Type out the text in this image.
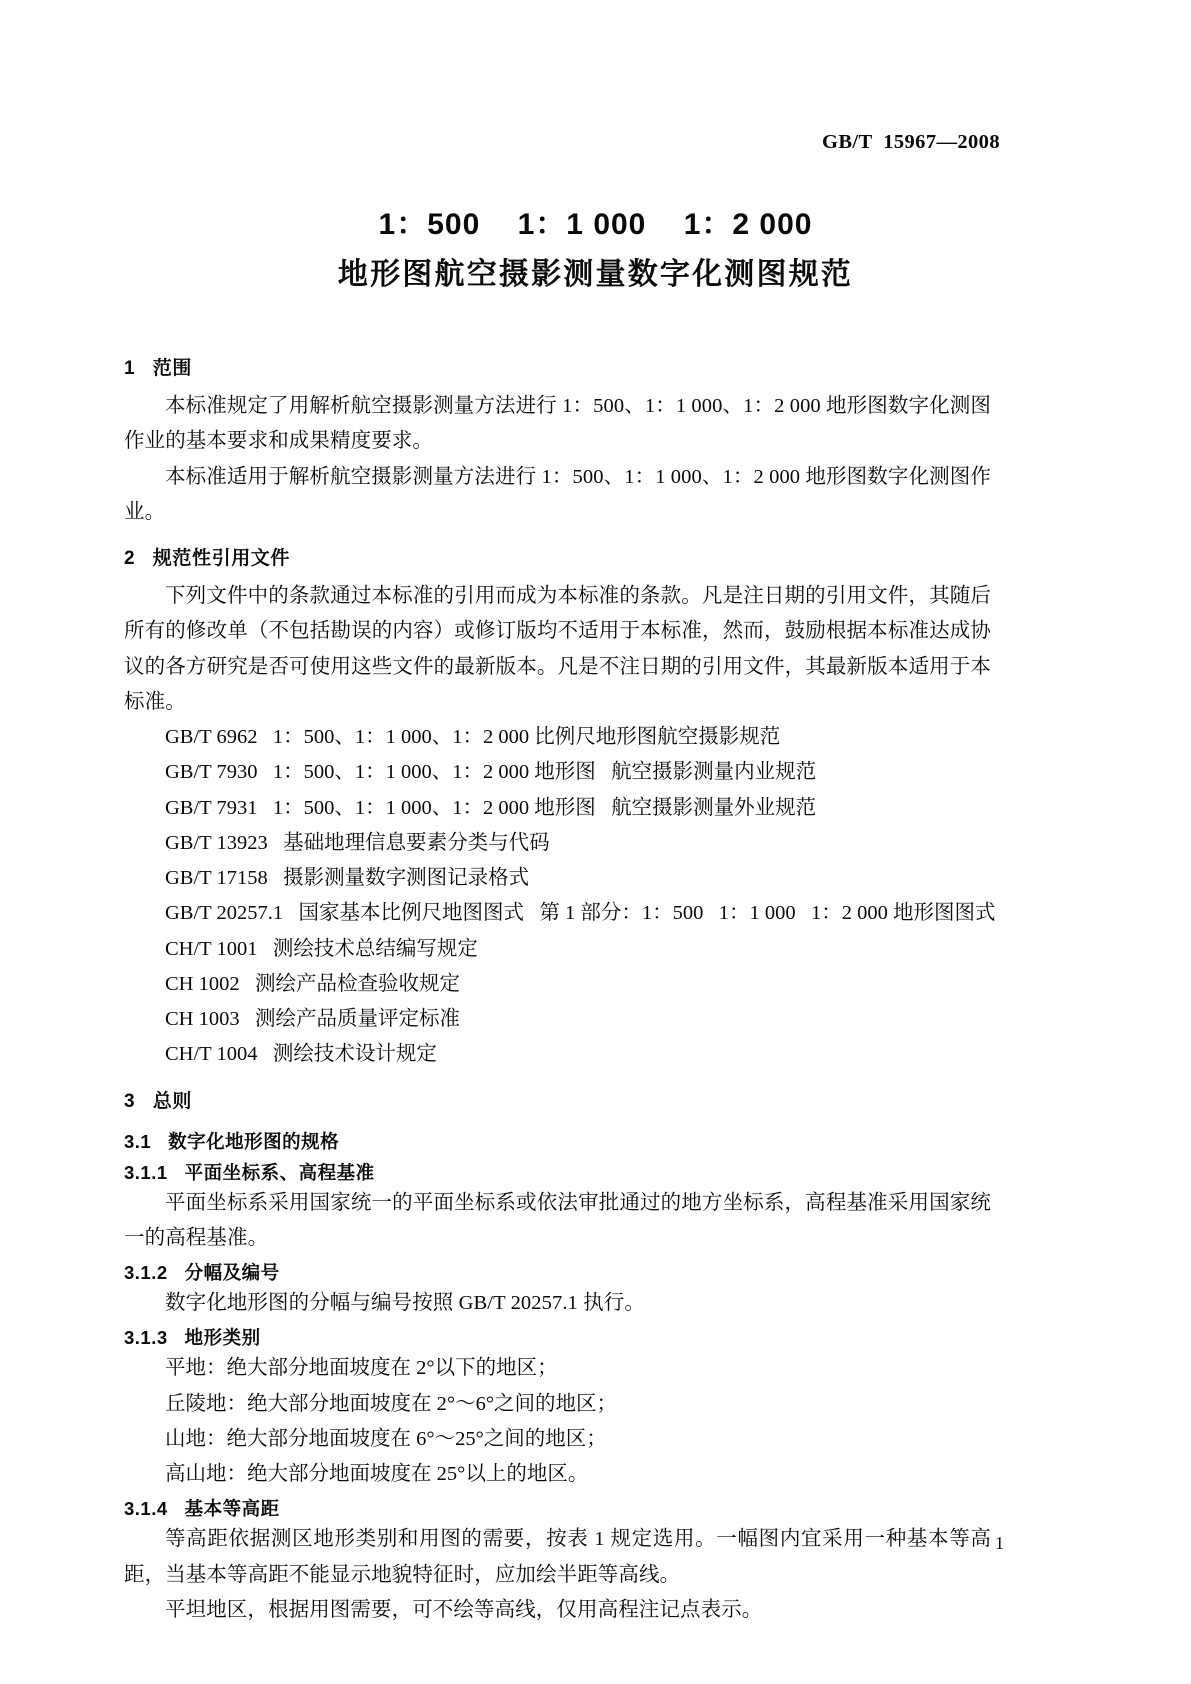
GB/T  15967—2008

1：500    1：1 000    1：2 000
地形图航空摄影测量数字化测图规范
1   范围

本标准规定了用解析航空摄影测量方法进行 1：500、1：1 000、1：2 000 地形图数字化测图作业的基本要求和成果精度要求。

本标准适用于解析航空摄影测量方法进行 1：500、1：1 000、1：2 000 地形图数字化测图作业。

2   规范性引用文件

下列文件中的条款通过本标准的引用而成为本标准的条款。凡是注日期的引用文件，其随后所有的修改单（不包括勘误的内容）或修订版均不适用于本标准，然而，鼓励根据本标准达成协议的各方研究是否可使用这些文件的最新版本。凡是不注日期的引用文件，其最新版本适用于本标准。

GB/T 6962   1：500、1：1 000、1：2 000 比例尺地形图航空摄影规范
GB/T 7930   1：500、1：1 000、1：2 000 地形图   航空摄影测量内业规范
GB/T 7931   1：500、1：1 000、1：2 000 地形图   航空摄影测量外业规范
GB/T 13923   基础地理信息要素分类与代码
GB/T 17158   摄影测量数字测图记录格式
GB/T 20257.1   国家基本比例尺地图图式   第 1 部分：1：500   1：1 000   1：2 000 地形图图式
CH/T 1001   测绘技术总结编写规定
CH 1002   测绘产品检查验收规定
CH 1003   测绘产品质量评定标准
CH/T 1004   测绘技术设计规定
3   总则
3.1   数字化地形图的规格
3.1.1   平面坐标系、高程基准

平面坐标系采用国家统一的平面坐标系或依法审批通过的地方坐标系，高程基准采用国家统一的高程基准。

3.1.2   分幅及编号

数字化地形图的分幅与编号按照 GB/T 20257.1 执行。

3.1.3   地形类别
平地：绝大部分地面坡度在 2°以下的地区；
丘陵地：绝大部分地面坡度在 2°～6°之间的地区；
山地：绝大部分地面坡度在 6°～25°之间的地区；
高山地：绝大部分地面坡度在 25°以上的地区。
3.1.4   基本等高距

等高距依据测区地形类别和用图的需要，按表 1 规定选用。一幅图内宜采用一种基本等高距，当基本等高距不能显示地貌特征时，应加绘半距等高线。

平坦地区，根据用图需要，可不绘等高线，仅用高程注记点表示。

1
